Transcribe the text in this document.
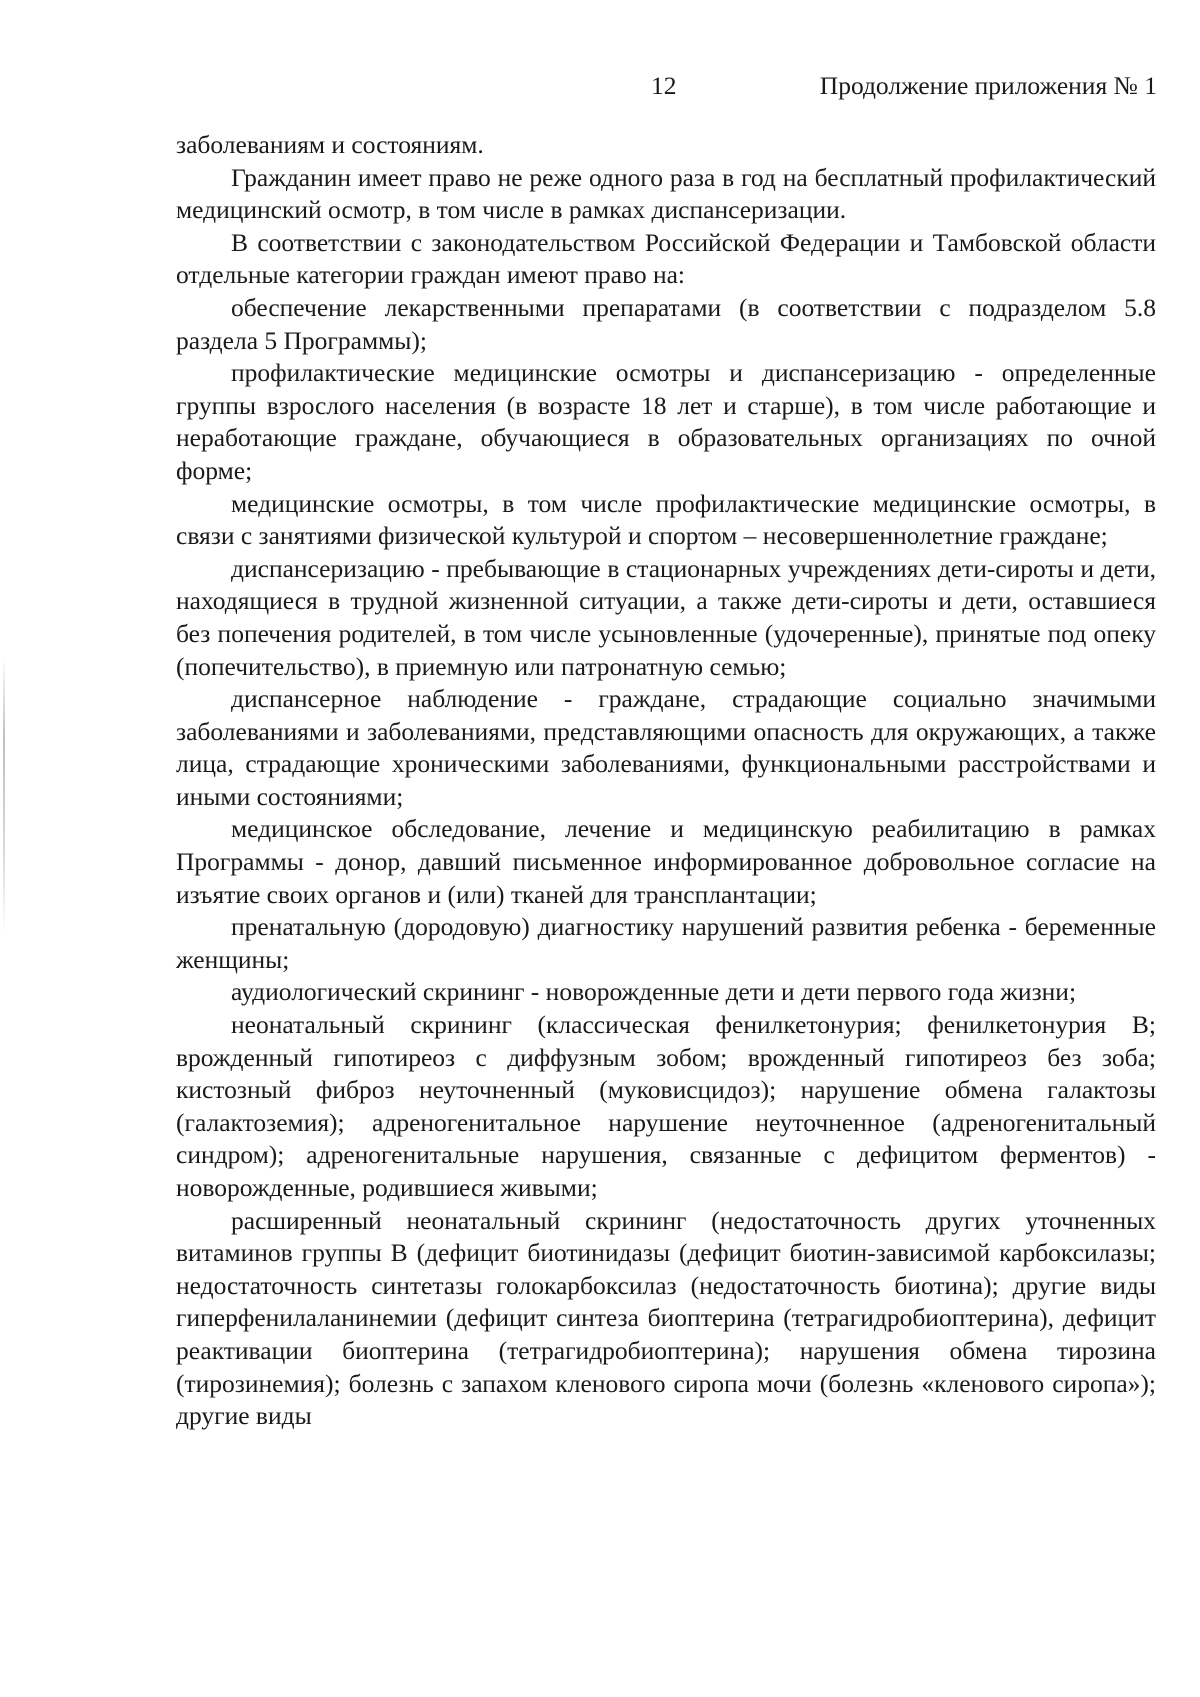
12	Продолжение приложения № 1

заболеваниям и состояниям.

Гражданин имеет право не реже одного раза в год на бесплатный профилактический медицинский осмотр, в том числе в рамках диспансеризации.

В соответствии с законодательством Российской Федерации и Тамбовской области отдельные категории граждан имеют право на:

обеспечение лекарственными препаратами (в соответствии с подразделом 5.8 раздела 5 Программы);

профилактические медицинские осмотры и диспансеризацию - определенные группы взрослого населения (в возрасте 18 лет и старше), в том числе работающие и неработающие граждане, обучающиеся в образовательных организациях по очной форме;

медицинские осмотры, в том числе профилактические медицинские осмотры, в связи с занятиями физической культурой и спортом – несовершеннолетние граждане;

диспансеризацию - пребывающие в стационарных учреждениях дети-сироты и дети, находящиеся в трудной жизненной ситуации, а также дети-сироты и дети, оставшиеся без попечения родителей, в том числе усыновленные (удочеренные), принятые под опеку (попечительство), в приемную или патронатную семью;

диспансерное наблюдение - граждане, страдающие социально значимыми заболеваниями и заболеваниями, представляющими опасность для окружающих, а также лица, страдающие хроническими заболеваниями, функциональными расстройствами и иными состояниями;

медицинское обследование, лечение и медицинскую реабилитацию в рамках Программы - донор, давший письменное информированное добровольное согласие на изъятие своих органов и (или) тканей для трансплантации;

пренатальную (дородовую) диагностику нарушений развития ребенка - беременные женщины;

аудиологический скрининг - новорожденные дети и дети первого года жизни;

неонатальный скрининг (классическая фенилкетонурия; фенилкетонурия В; врожденный гипотиреоз с диффузным зобом; врожденный гипотиреоз без зоба; кистозный фиброз неуточненный (муковисцидоз); нарушение обмена галактозы (галактоземия); адреногенитальное нарушение неуточненное (адреногенитальный синдром); адреногенитальные нарушения, связанные с дефицитом ферментов) - новорожденные, родившиеся живыми;

расширенный неонатальный скрининг (недостаточность других уточненных витаминов группы В (дефицит биотинидазы (дефицит биотин-зависимой карбоксилазы; недостаточность синтетазы голокарбоксилаз (недостаточность биотина); другие виды гиперфенилаланинемии (дефицит синтеза биоптерина (тетрагидробиоптерина), дефицит реактивации биоптерина (тетрагидробиоптерина); нарушения обмена тирозина (тирозинемия); болезнь с запахом кленового сиропа мочи (болезнь «кленового сиропа»); другие виды
